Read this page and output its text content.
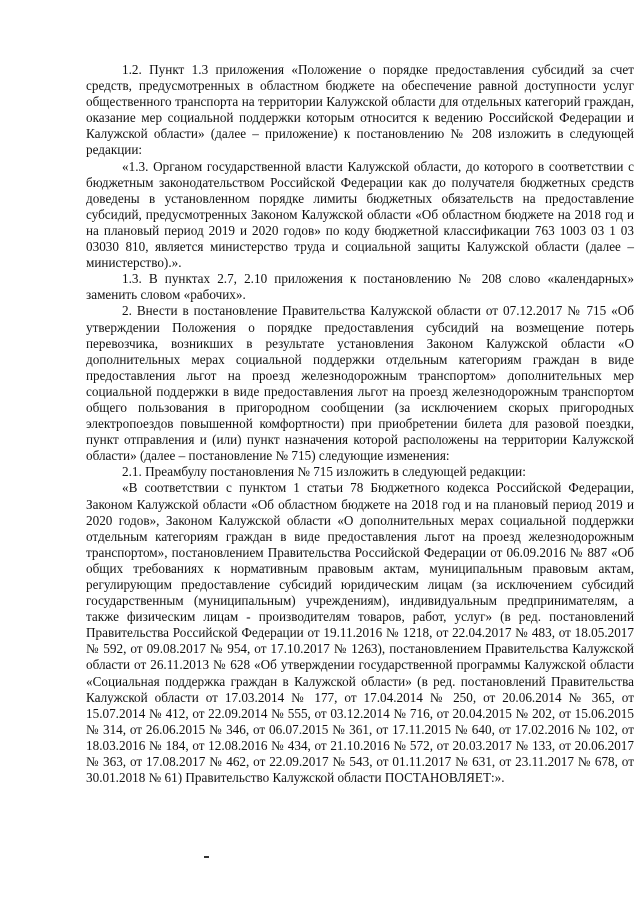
1.2. Пункт 1.3 приложения «Положение о порядке предоставления субсидий за счет средств, предусмотренных в областном бюджете на обеспечение равной доступности услуг общественного транспорта на территории Калужской области для отдельных категорий граждан, оказание мер социальной поддержки которым относится к ведению Российской Федерации и Калужской области» (далее – приложение) к постановлению № 208 изложить в следующей редакции:

«1.3. Органом государственной власти Калужской области, до которого в соответствии с бюджетным законодательством Российской Федерации как до получателя бюджетных средств доведены в установленном порядке лимиты бюджетных обязательств на предоставление субсидий, предусмотренных Законом Калужской области «Об областном бюджете на 2018 год и на плановый период 2019 и 2020 годов» по коду бюджетной классификации 763 1003 03 1 03 03030 810, является министерство труда и социальной защиты Калужской области (далее – министерство).».

1.3. В пунктах 2.7, 2.10 приложения к постановлению № 208 слово «календарных» заменить словом «рабочих».

2. Внести в постановление Правительства Калужской области от 07.12.2017 № 715 «Об утверждении Положения о порядке предоставления субсидий на возмещение потерь перевозчика, возникших в результате установления Законом Калужской области «О дополнительных мерах социальной поддержки отдельным категориям граждан в виде предоставления льгот на проезд железнодорожным транспортом» дополнительных мер социальной поддержки в виде предоставления льгот на проезд железнодорожным транспортом общего пользования в пригородном сообщении (за исключением скорых пригородных электропоездов повышенной комфортности) при приобретении билета для разовой поездки, пункт отправления и (или) пункт назначения которой расположены на территории Калужской области» (далее – постановление № 715) следующие изменения:

2.1. Преамбулу постановления № 715 изложить в следующей редакции:

«В соответствии с пунктом 1 статьи 78 Бюджетного кодекса Российской Федерации, Законом Калужской области «Об областном бюджете на 2018 год и на плановый период 2019 и 2020 годов», Законом Калужской области «О дополнительных мерах социальной поддержки отдельным категориям граждан в виде предоставления льгот на проезд железнодорожным транспортом», постановлением Правительства Российской Федерации от 06.09.2016 № 887 «Об общих требованиях к нормативным правовым актам, муниципальным правовым актам, регулирующим предоставление субсидий юридическим лицам (за исключением субсидий государственным (муниципальным) учреждениям), индивидуальным предпринимателям, а также физическим лицам - производителям товаров, работ, услуг» (в ред. постановлений Правительства Российской Федерации от 19.11.2016 № 1218, от 22.04.2017 № 483, от 18.05.2017 № 592, от 09.08.2017 № 954, от 17.10.2017 № 1263), постановлением Правительства Калужской области от 26.11.2013 № 628 «Об утверждении государственной программы Калужской области «Социальная поддержка граждан в Калужской области» (в ред. постановлений Правительства Калужской области от 17.03.2014 № 177, от 17.04.2014 № 250, от 20.06.2014 № 365, от 15.07.2014 № 412, от 22.09.2014 № 555, от 03.12.2014 № 716, от 20.04.2015 № 202, от 15.06.2015 № 314, от 26.06.2015 № 346, от 06.07.2015 № 361, от 17.11.2015 № 640, от 17.02.2016 № 102, от 18.03.2016 № 184, от 12.08.2016 № 434, от 21.10.2016 № 572, от 20.03.2017 № 133, от 20.06.2017 № 363, от 17.08.2017 № 462, от 22.09.2017 № 543, от 01.11.2017 № 631, от 23.11.2017 № 678, от 30.01.2018 № 61) Правительство Калужской области ПОСТАНОВЛЯЕТ:».
